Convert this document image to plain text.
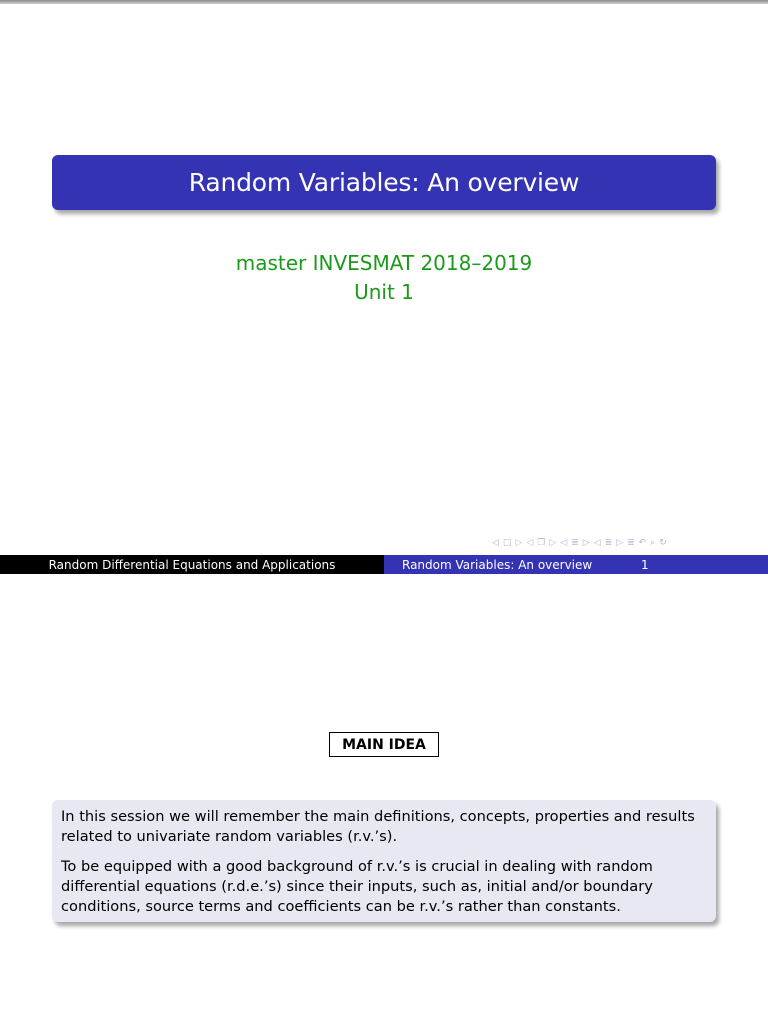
Random Variables: An overview
master INVESMAT 2018–2019
Unit 1
◁ □ ▷ ◁ ❐ ▷ ◁ ≣ ▷ ◁ ≣ ▷ ≣ ↶ ⌕ ↻
Random Differential Equations and Applications	Random Variables: An overview	1
MAIN IDEA

In this session we will remember the main definitions, concepts, properties and results related to univariate random variables (r.v.’s).

To be equipped with a good background of r.v.’s is crucial in dealing with random differential equations (r.d.e.’s) since their inputs, such as, initial and/or boundary conditions, source terms and coefficients can be r.v.’s rather than constants.
